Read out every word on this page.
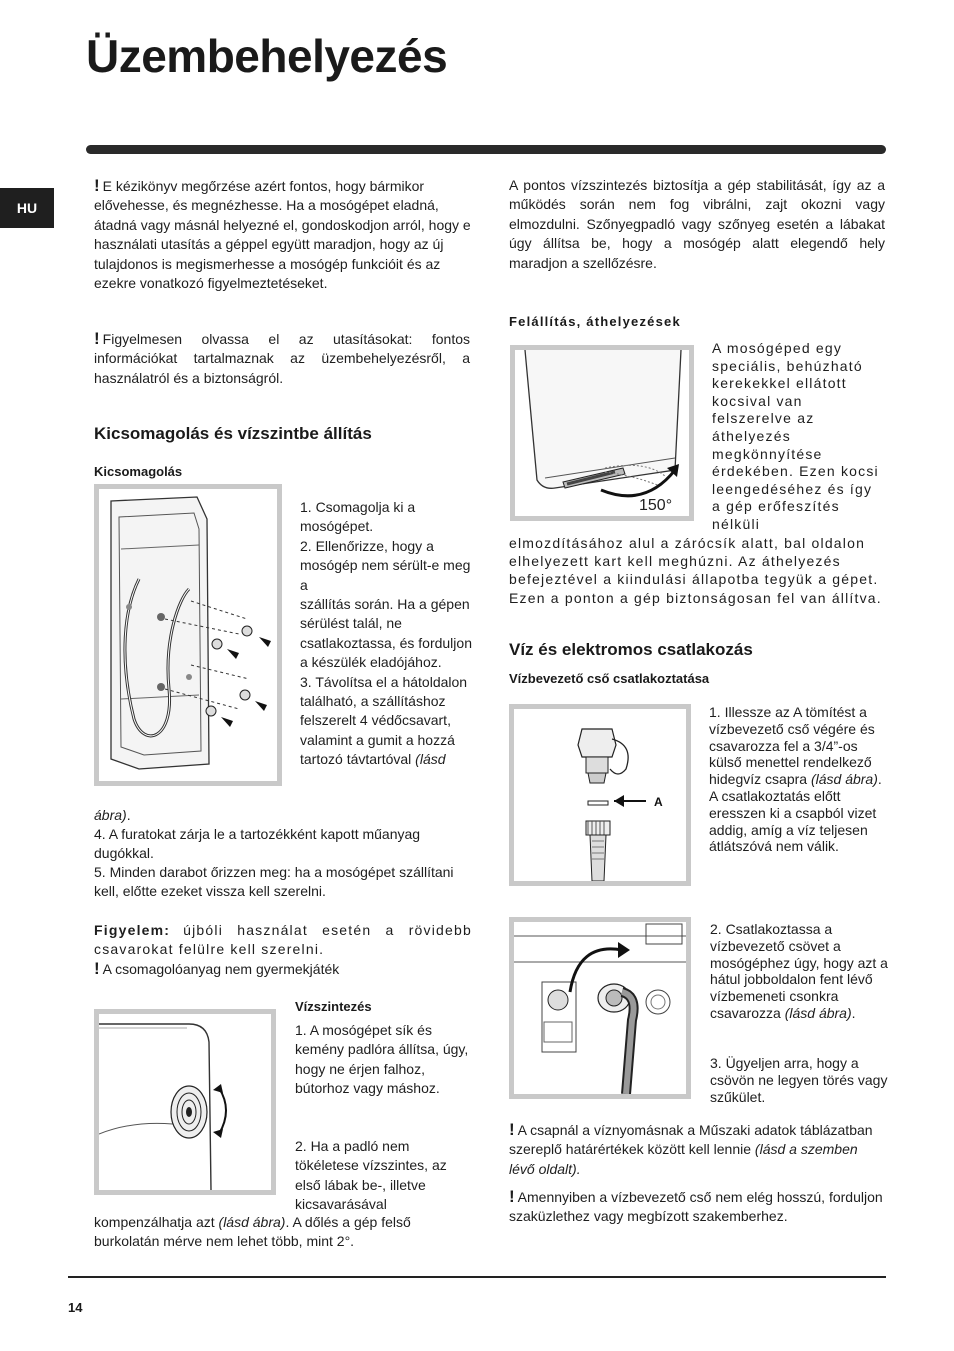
Üzembehelyezés
HU

! E kézikönyv megőrzése azért fontos, hogy bármikor elővehesse, és megnézhesse. Ha a mosógépet eladná, átadná vagy másnál helyezné el, gondoskodjon arról, hogy e használati utasítás a géppel együtt maradjon, hogy az új tulajdonos is megismerhesse a mosógép funkcióit és az ezekre vonatkozó figyelmeztetéseket.

! Figyelmesen olvassa el az utasításokat: fontos információkat tartalmaznak az üzembehelyezésről, a használatról és a biztonságról.

Kicsomagolás és vízszintbe állítás
Kicsomagolás
1. Csomagolja ki a mosógépet.
2. Ellenőrizze, hogy a mosógép nem sérült-e meg a
szállítás során. Ha a gépen sérülést talál, ne csatlakoztassa, és forduljon a készülék eladójához.
3. Távolítsa el a hátoldalon található, a szállításhoz felszerelt 4 védőcsavart, valamint a gumit a hozzá tartozó távtartóval (lásd

ábra).

4. A furatokat zárja le a tartozékként kapott műanyag dugókkal.

5. Minden darabot őrizzen meg: ha a mosógépet szállítani kell, előtte ezeket vissza kell szerelni.

Figyelem: újbóli használat esetén a rövidebb csavarokat felülre kell szerelni.

! A csomagolóanyag nem gyermekjáték

Vízszintezés

1. A mosógépet sík és kemény padlóra állítsa, úgy, hogy ne érjen falhoz, bútorhoz vagy máshoz.

2. Ha a padló nem tökéletese vízszintes, az első lábak be-, illetve kicsavarásával

kompenzálhatja azt (lásd ábra). A dőlés a gép felső burkolatán mérve nem lehet több, mint 2°.

A pontos vízszintezés biztosítja a gép stabilitását, így az a működés során nem fog vibrálni, zajt okozni vagy elmozdulni. Szőnyegpadló vagy szőnyeg esetén a lábakat úgy állítsa be, hogy a mosógép alatt elegendő hely maradjon a szellőzésre.

Felállítás, áthelyezések
150°

A mosógéped egy speciális, behúzható kerekekkel ellátott kocsival van felszerelve az áthelyezés megkönnyítése érdekében. Ezen kocsi leengedéséhez és így a gép erőfeszítés nélküli

elmozdításához alul a zárócsík alatt, bal oldalon elhelyezett kart kell meghúzni. Az áthelyezés befejeztével a kiindulási állapotba tegyük a gépet. Ezen a ponton a gép biztonságosan fel van állítva.

Víz és elektromos csatlakozás
Vízbevezető cső csatlakoztatása
A
1. Illessze az A tömítést a vízbevezető cső végére és csavarozza fel a 3/4”-os külső menettel rendelkező hidegvíz csapra (lásd ábra).
A csatlakoztatás előtt eresszen ki a csapból vizet addig, amíg a víz teljesen átlátszóvá nem válik.

2. Csatlakoztassa a vízbevezető csövet a mosógéphez úgy, hogy azt a hátul jobboldalon fent lévő vízbemeneti csonkra csavarozza (lásd ábra).

3. Ügyeljen arra, hogy a csövön ne legyen törés vagy szűkület.

! A csapnál a víznyomásnak a Műszaki adatok táblázatban szereplő határértékek között kell lennie (lásd a szemben lévő oldalt).

! Amennyiben a vízbevezető cső nem elég hosszú, forduljon szaküzlethez vagy megbízott szakemberhez.

14
